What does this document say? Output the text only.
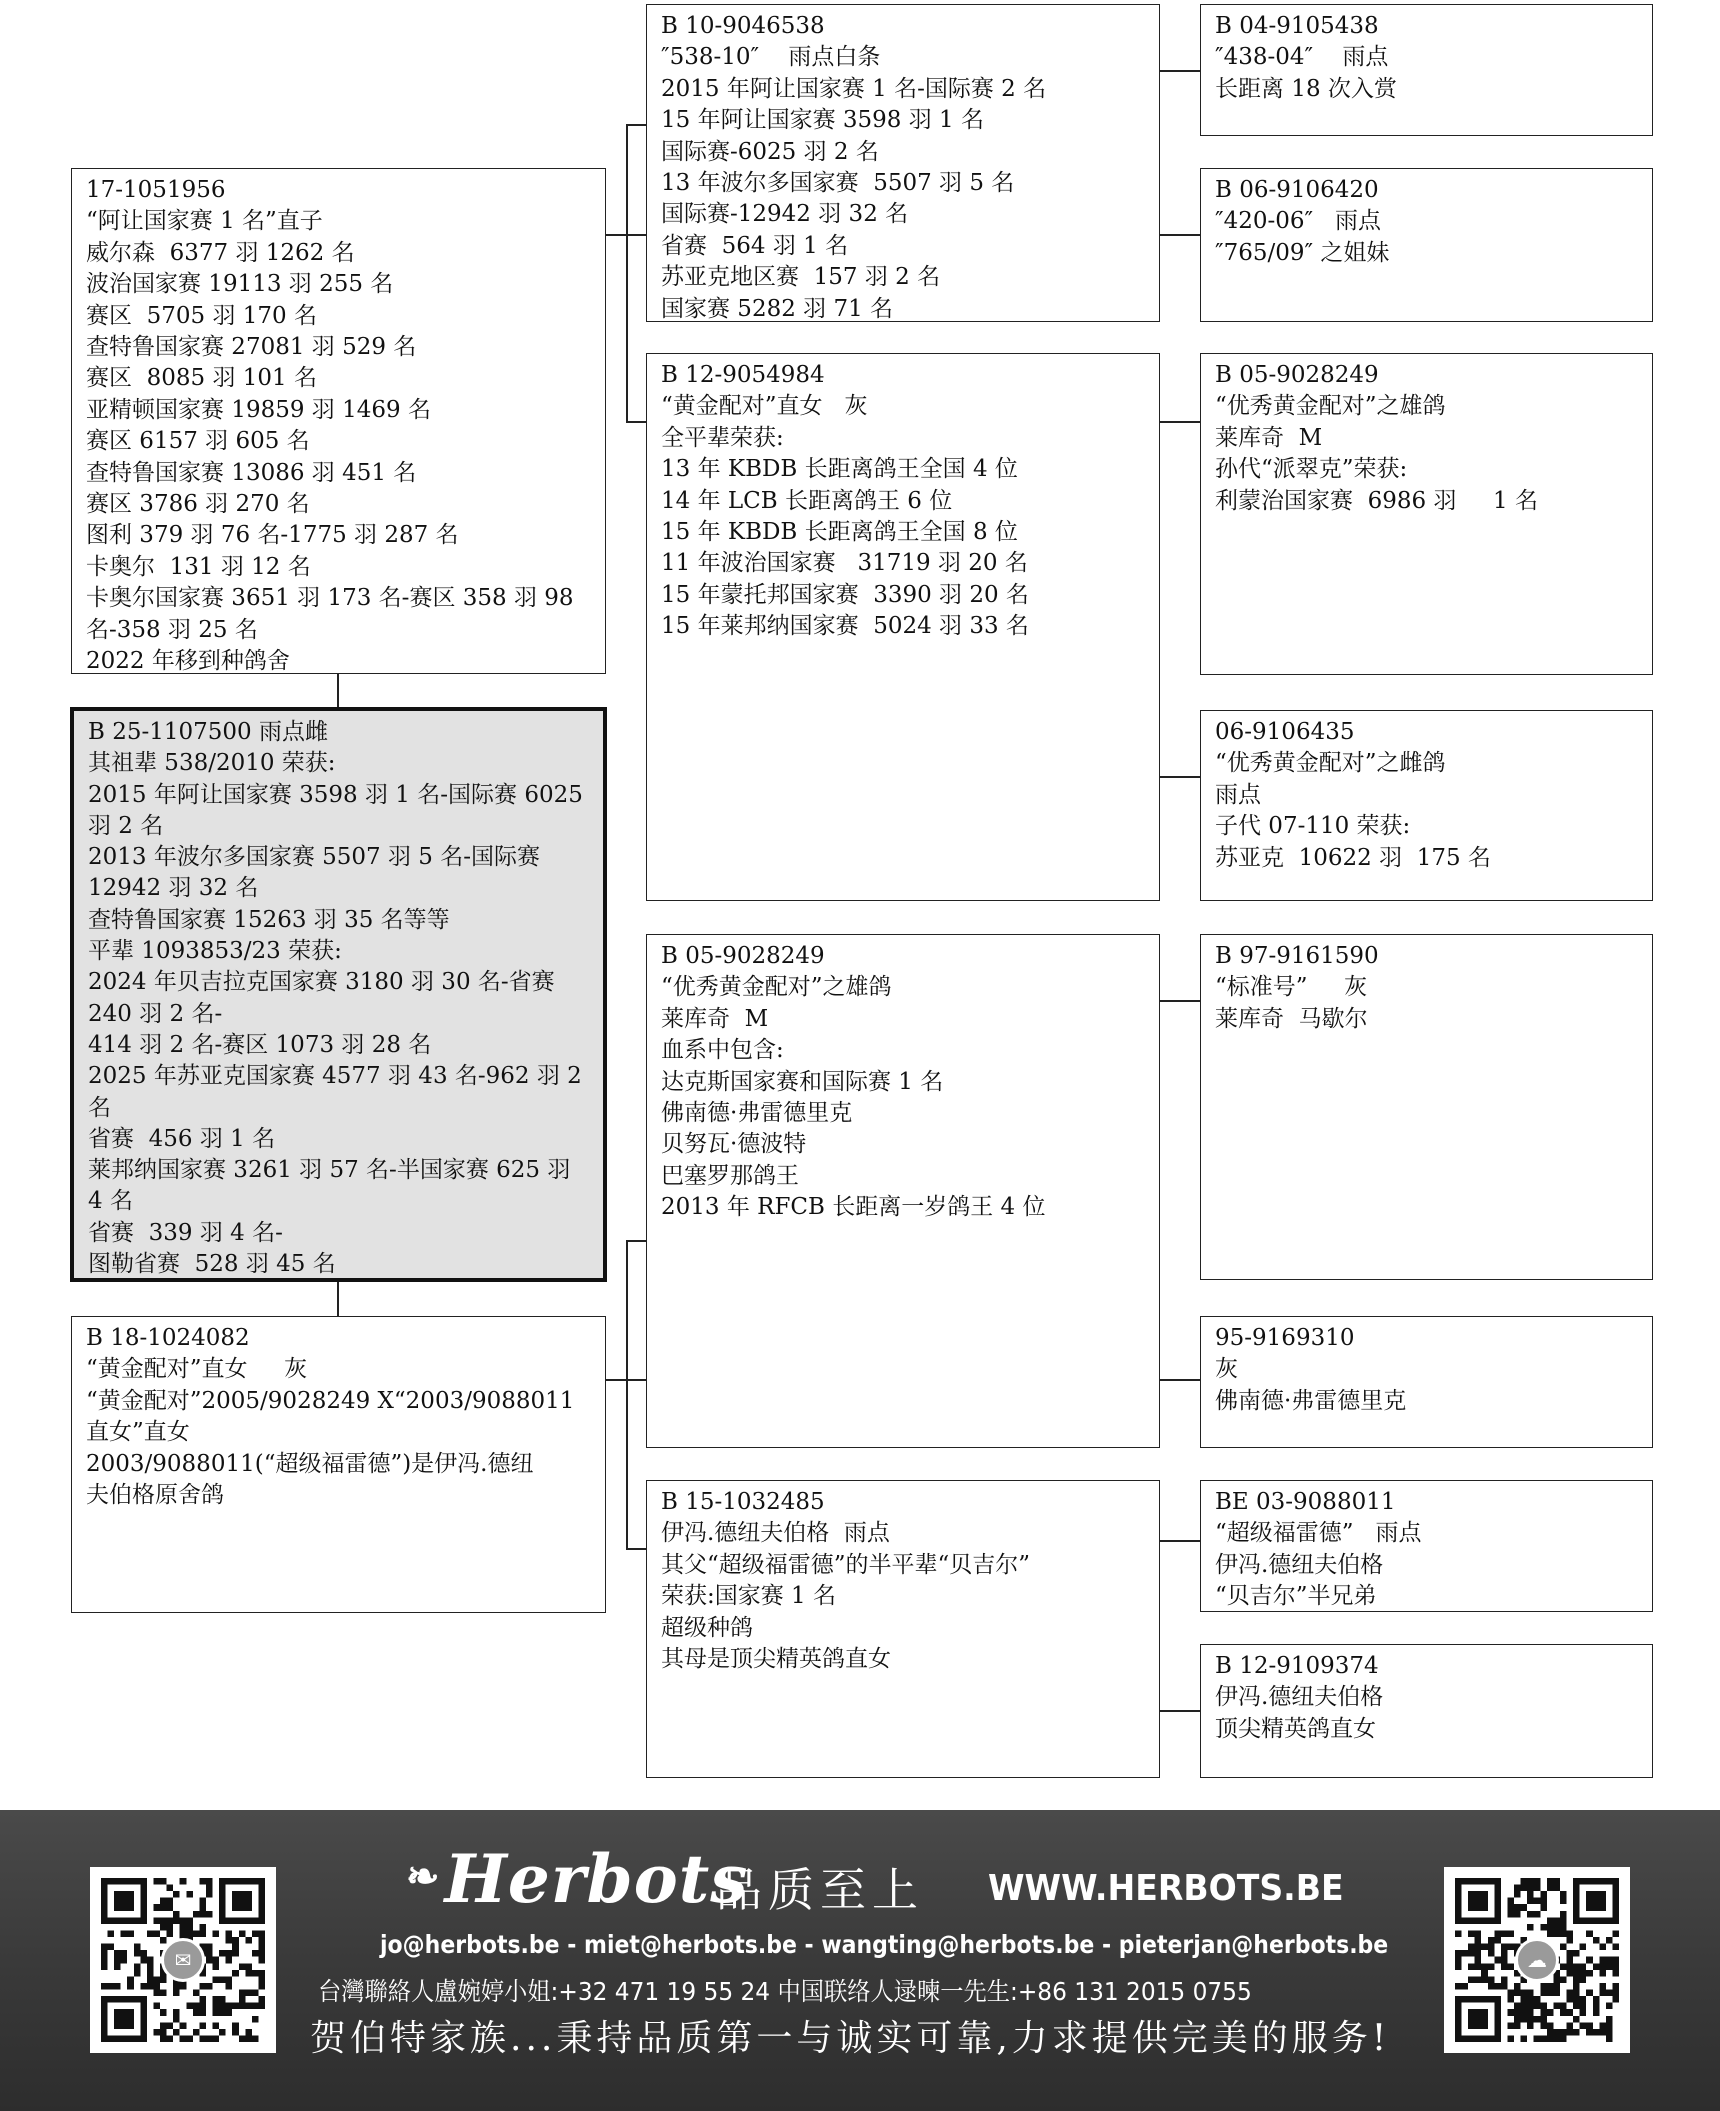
17-1051956
“阿让国家赛 1 名”直子
威尔森  6377 羽 1262 名
波治国家赛 19113 羽 255 名
赛区  5705 羽 170 名
查特鲁国家赛 27081 羽 529 名
赛区  8085 羽 101 名
亚精顿国家赛 19859 羽 1469 名
赛区 6157 羽 605 名
查特鲁国家赛 13086 羽 451 名
赛区 3786 羽 270 名
图利 379 羽 76 名-1775 羽 287 名
卡奥尔  131 羽 12 名
卡奥尔国家赛 3651 羽 173 名-赛区 358 羽 98
名-358 羽 25 名
2022 年移到种鸽舍
B 25-1107500 雨点雌
其祖辈 538/2010 荣获:
2015 年阿让国家赛 3598 羽 1 名-国际赛 6025
羽 2 名
2013 年波尔多国家赛 5507 羽 5 名-国际赛
12942 羽 32 名
查特鲁国家赛 15263 羽 35 名等等
平辈 1093853/23 荣获:
2024 年贝吉拉克国家赛 3180 羽 30 名-省赛
240 羽 2 名-
414 羽 2 名-赛区 1073 羽 28 名
2025 年苏亚克国家赛 4577 羽 43 名-962 羽 2
名
省赛  456 羽 1 名
莱邦纳国家赛 3261 羽 57 名-半国家赛 625 羽
4 名
省赛  339 羽 4 名-
图勒省赛  528 羽 45 名
B 18-1024082
“黄金配对”直女     灰
“黄金配对”2005/9028249 X“2003/9088011
直女”直女
2003/9088011(“超级福雷德”)是伊冯.德纽
夫伯格原舍鸽
B 10-9046538
″538-10″    雨点白条
2015 年阿让国家赛 1 名-国际赛 2 名
15 年阿让国家赛 3598 羽 1 名
国际赛-6025 羽 2 名
13 年波尔多国家赛  5507 羽 5 名
国际赛-12942 羽 32 名
省赛  564 羽 1 名
苏亚克地区赛  157 羽 2 名
国家赛 5282 羽 71 名
B 12-9054984
“黄金配对”直女   灰
全平辈荣获:
13 年 KBDB 长距离鸽王全国 4 位
14 年 LCB 长距离鸽王 6 位
15 年 KBDB 长距离鸽王全国 8 位
11 年波治国家赛   31719 羽 20 名
15 年蒙托邦国家赛  3390 羽 20 名
15 年莱邦纳国家赛  5024 羽 33 名
B 05-9028249
“优秀黄金配对”之雄鸽
莱库奇  M
血系中包含:
达克斯国家赛和国际赛 1 名
佛南德·弗雷德里克
贝努瓦·德波特
巴塞罗那鸽王
2013 年 RFCB 长距离一岁鸽王 4 位
B 15-1032485
伊冯.德纽夫伯格  雨点
其父“超级福雷德”的半平辈“贝吉尔”
荣获:国家赛 1 名
超级种鸽
其母是顶尖精英鸽直女
B 04-9105438
″438-04″    雨点
长距离 18 次入赏
B 06-9106420
″420-06″   雨点
″765/09″ 之姐妹
B 05-9028249
“优秀黄金配对”之雄鸽
莱库奇  M
孙代“派翠克”荣获:
利蒙治国家赛  6986 羽     1 名
06-9106435
“优秀黄金配对”之雌鸽
雨点
子代 07-110 荣获:
苏亚克  10622 羽  175 名
B 97-9161590
“标准号”     灰
莱库奇  马歇尔
95-9169310
灰
佛南德·弗雷德里克
BE 03-9088011
“超级福雷德”   雨点
伊冯.德纽夫伯格
“贝吉尔”半兄弟
B 12-9109374
伊冯.德纽夫伯格
顶尖精英鸽直女
✉	☁
❧Herbots
品质至上 WWW.HERBOTS.BE
jo@herbots.be - miet@herbots.be - wangting@herbots.be - pieterjan@herbots.be
台灣聯絡人盧婉婷小姐:+32 471 19 55 24 中国联络人逯暕一先生:+86 131 2015 0755
贺伯特家族...秉持品质第一与诚实可靠,力求提供完美的服务!
